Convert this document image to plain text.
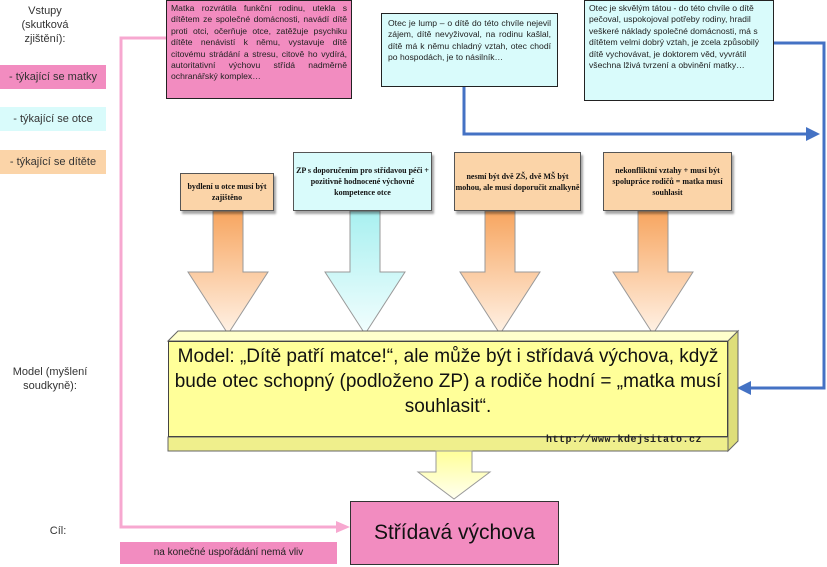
Vstupy
(skutková
zjištění):
Model (myšlení
soudkyně):
Cíl:
- týkající se matky
- týkající se otce
- týkající se dítěte
Matka rozvrátila funkční rodinu, utekla s dítětem ze společné domácnosti, navádí dítě proti otci, očerňuje otce, zatěžuje psychiku dítěte nenávistí k němu, vystavuje dítě citovému strádání a stresu, citově ho vydírá, autoritativní výchovu střídá nadměrně ochranářský komplex…
Otec je lump – o dítě do této chvíle nejevil zájem, dítě nevyživoval, na rodinu kašlal, dítě má k němu chladný vztah, otec chodí po hospodách, je to násilník…
Otec je skvělým tátou - do této chvíle o dítě pečoval, uspokojoval potřeby rodiny, hradil veškeré náklady společné domácnosti, má s dítětem velmi dobrý vztah, je zcela způsobilý dítě vychovávat, je doktorem věd, vyvrátil všechna lživá tvrzení a obvinění matky…
bydlení u otce musí být zajištěno
ZP s doporučením pro střídavou péči + pozitivně hodnocené výchovné kompetence otce
nesmí být dvě ZŠ, dvě MŠ být mohou, ale musí doporučit znalkyně
nekonfliktní vztahy + musí být spolupráce rodičů = matka musí souhlasit
Model: „Dítě patří matce!“, ale může být i střídavá výchova, když bude otec schopný (podloženo ZP) a rodiče hodní = „matka musí souhlasit“.
http://www.kdejsitato.cz
Střídavá výchova
na konečné uspořádání nemá vliv
